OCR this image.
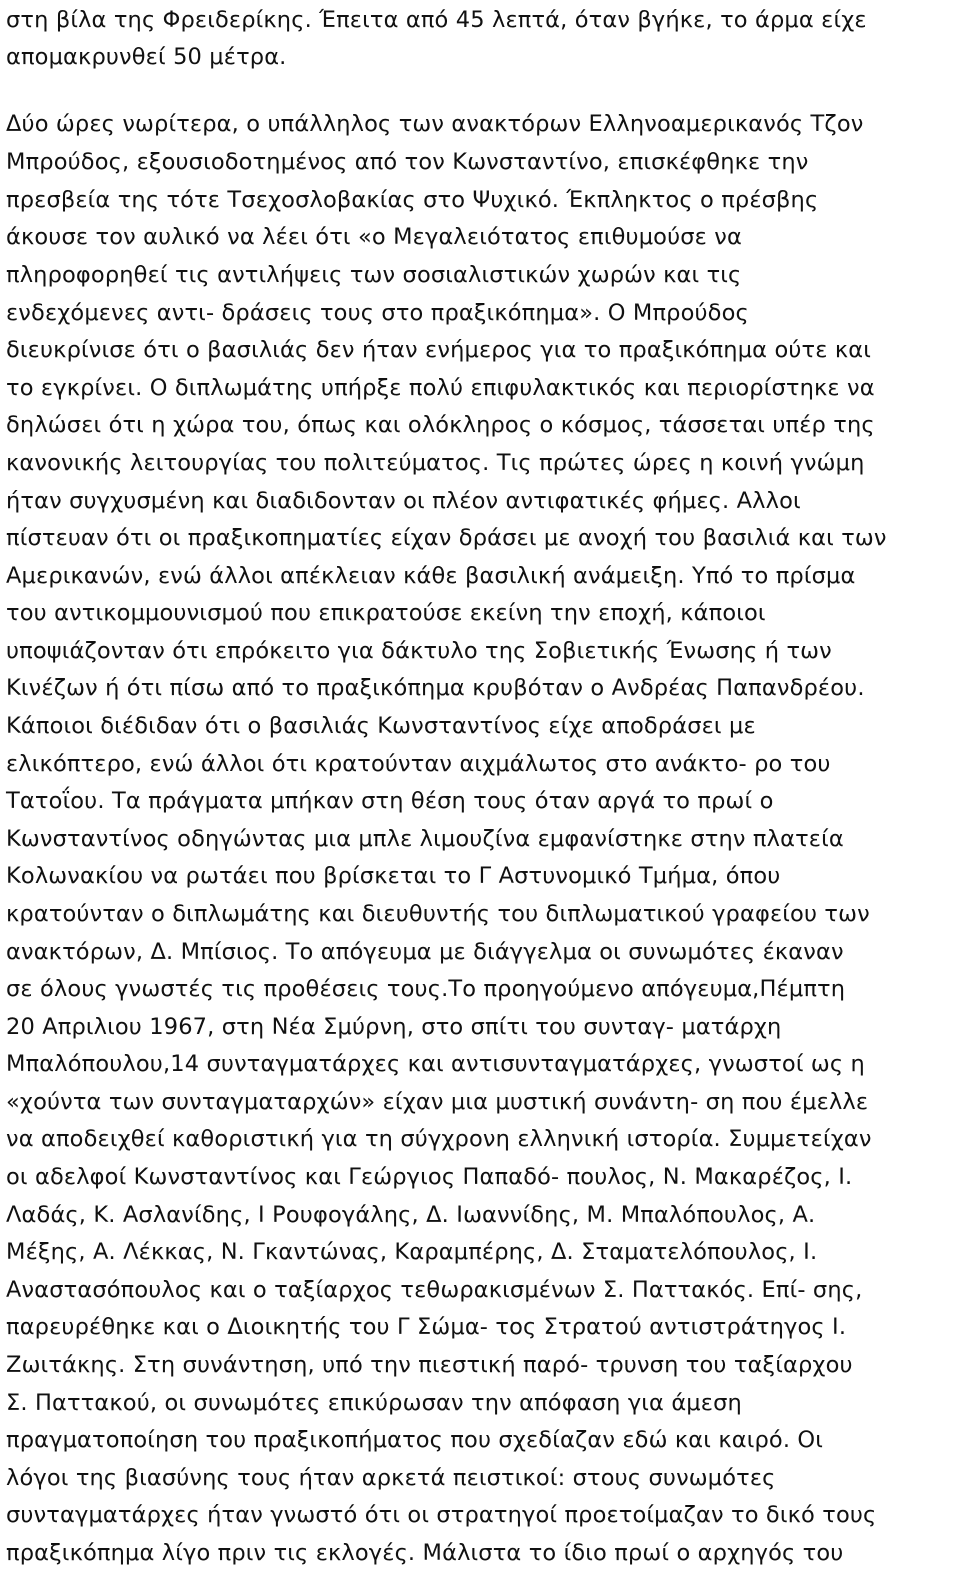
στη βίλα της Φρειδερίκης. Έπειτα από 45 λεπτά, όταν βγήκε, το άρμα είχε
απομακρυνθεί 50 μέτρα.
Δύο ώρες νωρίτερα, ο υπάλληλος των ανακτόρων Ελληνοαμερικανός Τζον
Μπρούδος, εξουσιοδοτημένος από τον Κωνσταντίνο, επισκέφθηκε την
πρεσβεία της τότε Τσεχοσλοβακίας στο Ψυχικό. Έκπληκτος ο πρέσβης
άκουσε τον αυλικό να λέει ότι «ο Μεγαλειότατος επιθυμούσε να
πληροφορηθεί τις αντιλήψεις των σοσιαλιστικών χωρών και τις
ενδεχόμενες αντι- δράσεις τους στο πραξικόπημα». Ο Μπρούδος
διευκρίνισε ότι ο βασιλιάς δεν ήταν ενήμερος για το πραξικόπημα ούτε και
το εγκρίνει. Ο διπλωμάτης υπήρξε πολύ επιφυλακτικός και περιορίστηκε να
δηλώσει ότι η χώρα του, όπως και ολόκληρος ο κόσμος, τάσσεται υπέρ της
κανονικής λειτουργίας του πολιτεύματος. Τις πρώτες ώρες η κοινή γνώμη
ήταν συγχυσμένη και διαδιδονταν οι πλέον αντιφατικές φήμες. Αλλοι
πίστευαν ότι οι πραξικοπηματίες είχαν δράσει με ανοχή του βασιλιά και των
Αμερικανών, ενώ άλλοι απέκλειαν κάθε βασιλική ανάμειξη. Υπό το πρίσμα
του αντικομμουνισμού που επικρατούσε εκείνη την εποχή, κάποιοι
υποψιάζονταν ότι επρόκειτο για δάκτυλο της Σοβιετικής Ένωσης ή των
Κινέζων ή ότι πίσω από το πραξικόπημα κρυβόταν ο Ανδρέας Παπανδρέου.
Κάποιοι διέδιδαν ότι ο βασιλιάς Κωνσταντίνος είχε αποδράσει με
ελικόπτερο, ενώ άλλοι ότι κρατούνταν αιχμάλωτος στο ανάκτο- ρο του
Τατοΐου. Τα πράγματα μπήκαν στη θέση τους όταν αργά το πρωί ο
Κωνσταντίνος οδηγώντας μια μπλε λιμουζίνα εμφανίστηκε στην πλατεία
Κολωνακίου να ρωτάει που βρίσκεται το Γ Αστυνομικό Τμήμα, όπου
κρατούνταν ο διπλωμάτης και διευθυντής του διπλωματικού γραφείου των
ανακτόρων, Δ. Μπίσιος. Το απόγευμα με διάγγελμα οι συνωμότες έκαναν
σε όλους γνωστές τις προθέσεις τους.Το προηγούμενο απόγευμα,Πέμπτη
20 Απριλιου 1967, στη Νέα Σμύρνη, στο σπίτι του συνταγ- ματάρχη
Μπαλόπουλου,14 συνταγματάρχες και αντισυνταγματάρχες, γνωστοί ως η
«χούντα των συνταγματαρχών» είχαν μια μυστική συνάντη- ση που έμελλε
να αποδειχθεί καθοριστική για τη σύγχρονη ελληνική ιστορία. Συμμετείχαν
οι αδελφοί Κωνσταντίνος και Γεώργιος Παπαδό- πουλος, Ν. Μακαρέζος, Ι.
Λαδάς, Κ. Ασλανίδης, Ι Ρουφογάλης, Δ. Ιωαννίδης, Μ. Μπαλόπουλος, Α.
Μέξης, Α. Λέκκας, Ν. Γκαντώνας, Καραμπέρης, Δ. Σταματελόπουλος, Ι.
Αναστασόπουλος και ο ταξίαρχος τεθωρακισμένων Σ. Παττακός. Επί- σης,
παρευρέθηκε και ο Διοικητής του Γ Σώμα- τος Στρατού αντιστράτηγος Ι.
Ζωιτάκης. Στη συνάντηση, υπό την πιεστική παρό- τρυνση του ταξίαρχου
Σ. Παττακού, οι συνωμότες επικύρωσαν την απόφαση για άμεση
πραγματοποίηση του πραξικοπήματος που σχεδίαζαν εδώ και καιρό. Οι
λόγοι της βιασύνης τους ήταν αρκετά πειστικοί: στους συνωμότες
συνταγματάρχες ήταν γνωστό ότι οι στρατηγοί προετοίμαζαν το δικό τους
πραξικόπημα λίγο πριν τις εκλογές. Μάλιστα το ίδιο πρωί ο αρχηγός του
